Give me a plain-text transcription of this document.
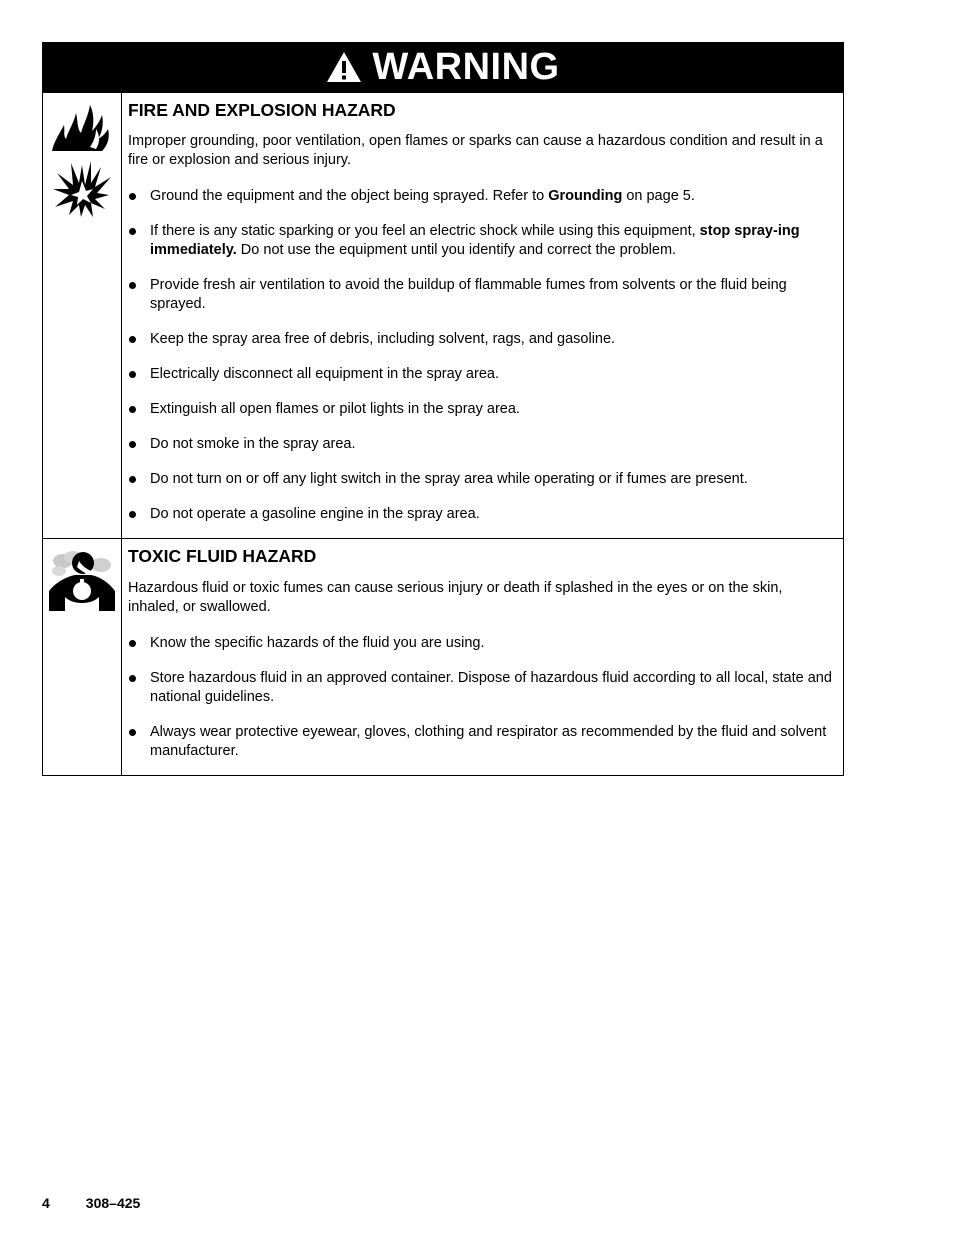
WARNING
FIRE AND EXPLOSION HAZARD

Improper grounding, poor ventilation, open flames or sparks can cause a hazardous condition and result in a fire or explosion and serious injury.

Ground the equipment and the object being sprayed. Refer to Grounding on page 5.
If there is any static sparking or you feel an electric shock while using this equipment, stop spray-ing immediately. Do not use the equipment until you identify and correct the problem.
Provide fresh air ventilation to avoid the buildup of flammable fumes from solvents or the fluid being sprayed.
Keep the spray area free of debris, including solvent, rags, and gasoline.
Electrically disconnect all equipment in the spray area.
Extinguish all open flames or pilot lights in the spray area.
Do not smoke in the spray area.
Do not turn on or off any light switch in the spray area while operating or if fumes are present.
Do not operate a gasoline engine in the spray area.
TOXIC FLUID HAZARD

Hazardous fluid or toxic fumes can cause serious injury or death if splashed in the eyes or on the skin, inhaled, or swallowed.

Know the specific hazards of the fluid you are using.
Store hazardous fluid in an approved container. Dispose of hazardous fluid according to all local, state and national guidelines.
Always wear protective eyewear, gloves, clothing and respirator as recommended by the fluid and solvent manufacturer.
4	308–425
